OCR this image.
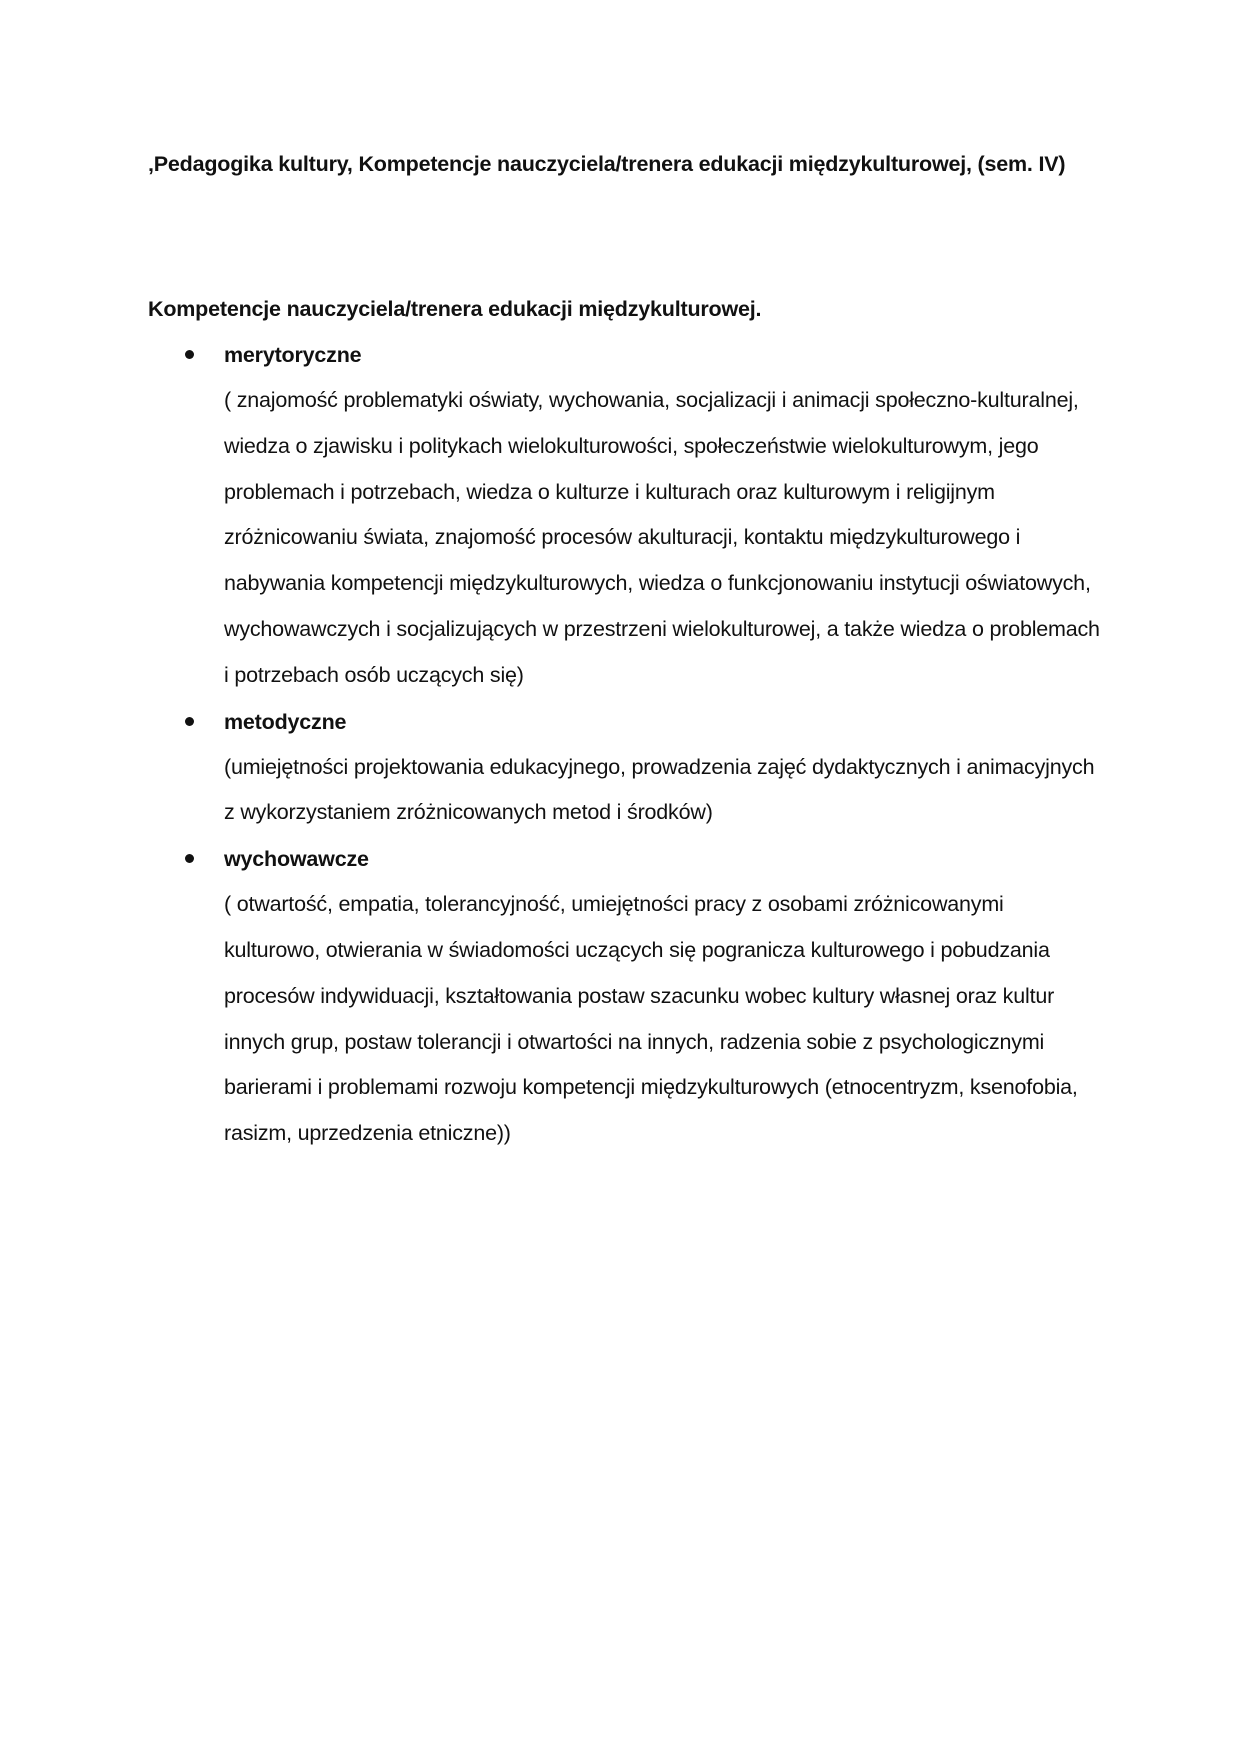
‚Pedagogika kultury, Kompetencje nauczyciela/trenera edukacji międzykulturowej, (sem. IV)
Kompetencje nauczyciela/trenera edukacji międzykulturowej.
merytoryczne
( znajomość problematyki oświaty, wychowania, socjalizacji i animacji społeczno-kulturalnej, wiedza o zjawisku i politykach wielokulturowości, społeczeństwie wielokulturowym, jego problemach i potrzebach, wiedza o kulturze i kulturach oraz kulturowym i religijnym zróżnicowaniu świata, znajomość procesów akulturacji, kontaktu międzykulturowego i nabywania kompetencji międzykulturowych, wiedza o funkcjonowaniu instytucji oświatowych, wychowawczych i socjalizujących w przestrzeni wielokulturowej, a także wiedza o problemach i potrzebach osób uczących się)
metodyczne
(umiejętności projektowania edukacyjnego, prowadzenia zajęć dydaktycznych i animacyjnych z wykorzystaniem zróżnicowanych metod i środków)
wychowawcze
( otwartość, empatia, tolerancyjność, umiejętności pracy z osobami zróżnicowanymi kulturowo, otwierania w świadomości uczących się pogranicza kulturowego i pobudzania procesów indywiduacji, kształtowania postaw szacunku wobec kultury własnej oraz kultur innych grup, postaw tolerancji i otwartości na innych, radzenia sobie z psychologicznymi barierami i problemami rozwoju kompetencji międzykulturowych (etnocentryzm, ksenofobia, rasizm, uprzedzenia etniczne))
